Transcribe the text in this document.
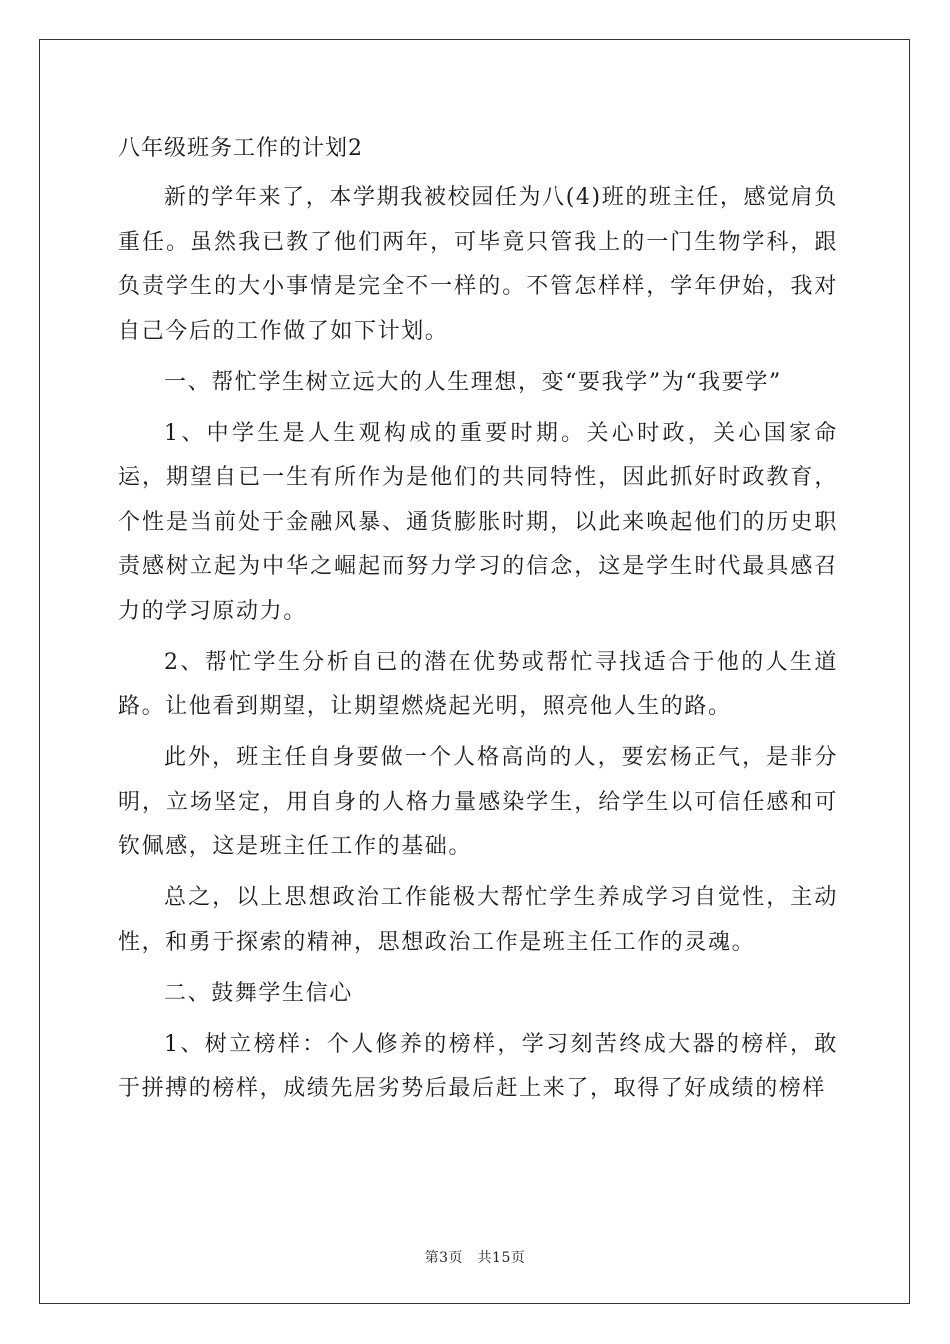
八年级班务工作的计划2

新的学年来了，本学期我被校园任为八(4)班的班主任，感觉肩负重任。虽然我已教了他们两年，可毕竟只管我上的一门生物学科，跟负责学生的大小事情是完全不一样的。不管怎样样，学年伊始，我对自己今后的工作做了如下计划。

一、帮忙学生树立远大的人生理想，变“要我学”为“我要学”

1、中学生是人生观构成的重要时期。关心时政，关心国家命运，期望自已一生有所作为是他们的共同特性，因此抓好时政教育，个性是当前处于金融风暴、通货膨胀时期，以此来唤起他们的历史职责感树立起为中华之崛起而努力学习的信念，这是学生时代最具感召力的学习原动力。

2、帮忙学生分析自已的潜在优势或帮忙寻找适合于他的人生道路。让他看到期望，让期望燃烧起光明，照亮他人生的路。

此外，班主任自身要做一个人格高尚的人，要宏杨正气，是非分明，立场坚定，用自身的人格力量感染学生，给学生以可信任感和可钦佩感，这是班主任工作的基础。

总之，以上思想政治工作能极大帮忙学生养成学习自觉性，主动性，和勇于探索的精神，思想政治工作是班主任工作的灵魂。

二、鼓舞学生信心

1、树立榜样：个人修养的榜样，学习刻苦终成大器的榜样，敢于拼搏的榜样，成绩先居劣势后最后赶上来了，取得了好成绩的榜样

第3页　共15页
